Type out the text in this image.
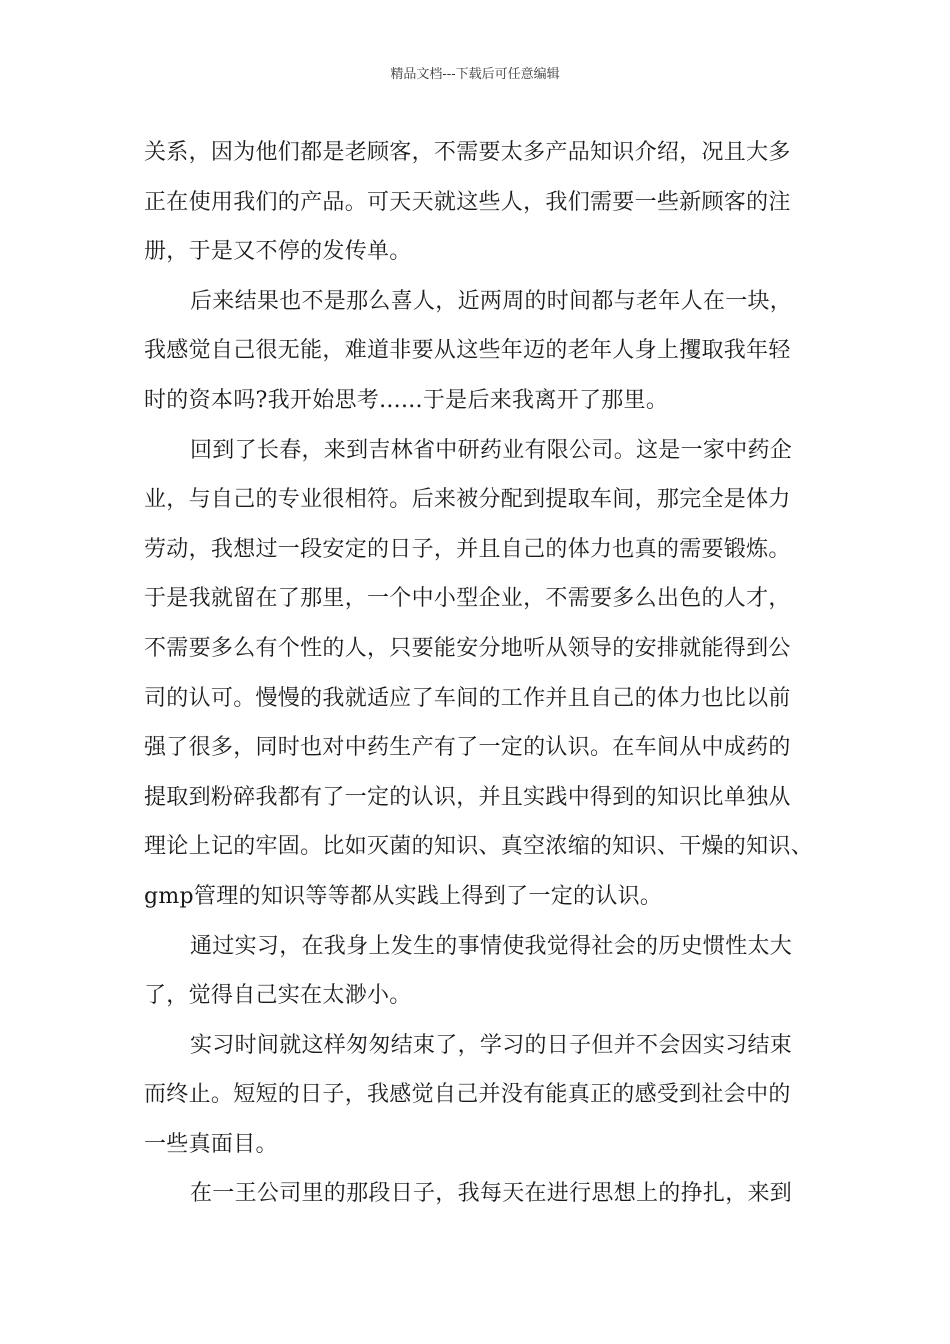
精品文档---下载后可任意编辑
关系，因为他们都是老顾客，不需要太多产品知识介绍，况且大多
正在使用我们的产品。可天天就这些人，我们需要一些新顾客的注
册，于是又不停的发传单。
后来结果也不是那么喜人，近两周的时间都与老年人在一块，
我感觉自己很无能，难道非要从这些年迈的老年人身上攫取我年轻
时的资本吗?我开始思考......于是后来我离开了那里。
回到了长春，来到吉林省中研药业有限公司。这是一家中药企
业，与自己的专业很相符。后来被分配到提取车间，那完全是体力
劳动，我想过一段安定的日子，并且自己的体力也真的需要锻炼。
于是我就留在了那里，一个中小型企业，不需要多么出色的人才，
不需要多么有个性的人，只要能安分地听从领导的安排就能得到公
司的认可。慢慢的我就适应了车间的工作并且自己的体力也比以前
强了很多，同时也对中药生产有了一定的认识。在车间从中成药的
提取到粉碎我都有了一定的认识，并且实践中得到的知识比单独从
理论上记的牢固。比如灭菌的知识、真空浓缩的知识、干燥的知识、
gmp管理的知识等等都从实践上得到了一定的认识。
通过实习，在我身上发生的事情使我觉得社会的历史惯性太大
了，觉得自己实在太渺小。
实习时间就这样匆匆结束了，学习的日子但并不会因实习结束
而终止。短短的日子，我感觉自己并没有能真正的感受到社会中的
一些真面目。
在一王公司里的那段日子，我每天在进行思想上的挣扎，来到
